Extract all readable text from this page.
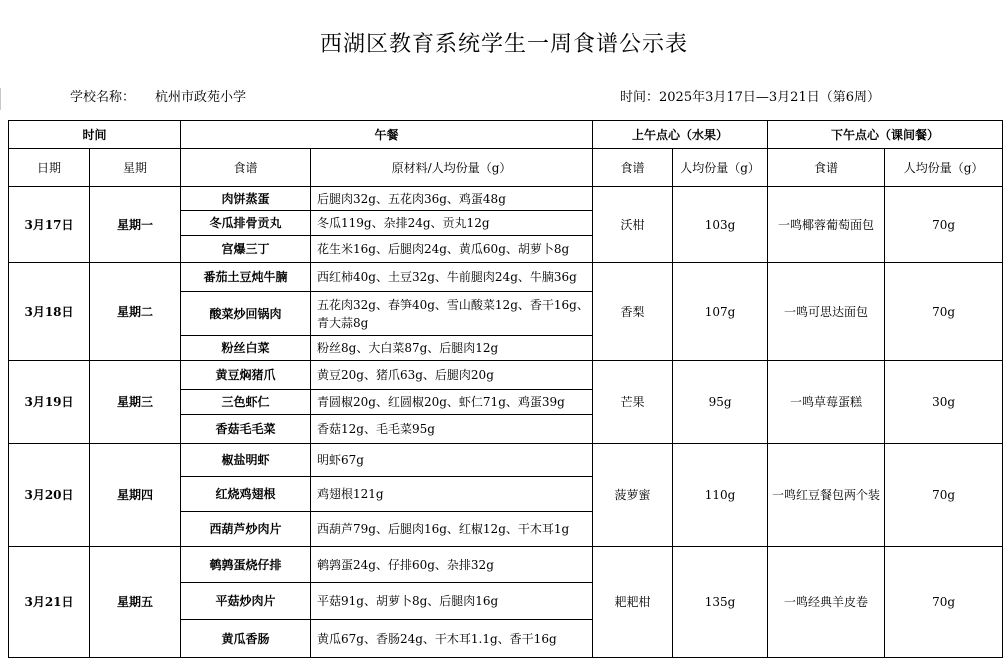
西湖区教育系统学生一周食谱公示表
学校名称： 杭州市政苑小学	时间：2025年3月17日—3月21日（第6周）
时间		午餐		上午点心（水果）		下午点心（课间餐）	
日期	星期	食谱	原材料/人均份量（g）	食谱	人均份量（g）	食谱	人均份量（g）
3月17日	星期一	肉饼蒸蛋	后腿肉32g、五花肉36g、鸡蛋48g	沃柑	103g	一鸣椰蓉葡萄面包	70g
		冬瓜排骨贡丸	冬瓜119g、杂排24g、贡丸12g				
		宫爆三丁	花生米16g、后腿肉24g、黄瓜60g、胡萝卜8g				
3月18日	星期二	番茄土豆炖牛腩	西红柿40g、土豆32g、牛前腿肉24g、牛腩36g	香梨	107g	一鸣可思达面包	70g
		酸菜炒回锅肉	五花肉32g、春笋40g、雪山酸菜12g、香干16g、青大蒜8g				
		粉丝白菜	粉丝8g、大白菜87g、后腿肉12g				
3月19日	星期三	黄豆焖猪爪	黄豆20g、猪爪63g、后腿肉20g	芒果	95g	一鸣草莓蛋糕	30g
		三色虾仁	青圆椒20g、红圆椒20g、虾仁71g、鸡蛋39g				
		香菇毛毛菜	香菇12g、毛毛菜95g				
3月20日	星期四	椒盐明虾	明虾67g	菠萝蜜	110g	一鸣红豆餐包两个装	70g
		红烧鸡翅根	鸡翅根121g				
		西葫芦炒肉片	西葫芦79g、后腿肉16g、红椒12g、干木耳1g				
3月21日	星期五	鹌鹑蛋烧仔排	鹌鹑蛋24g、仔排60g、杂排32g	耙耙柑	135g	一鸣经典羊皮卷	70g
		平菇炒肉片	平菇91g、胡萝卜8g、后腿肉16g				
		黄瓜香肠	黄瓜67g、香肠24g、干木耳1.1g、香干16g				
